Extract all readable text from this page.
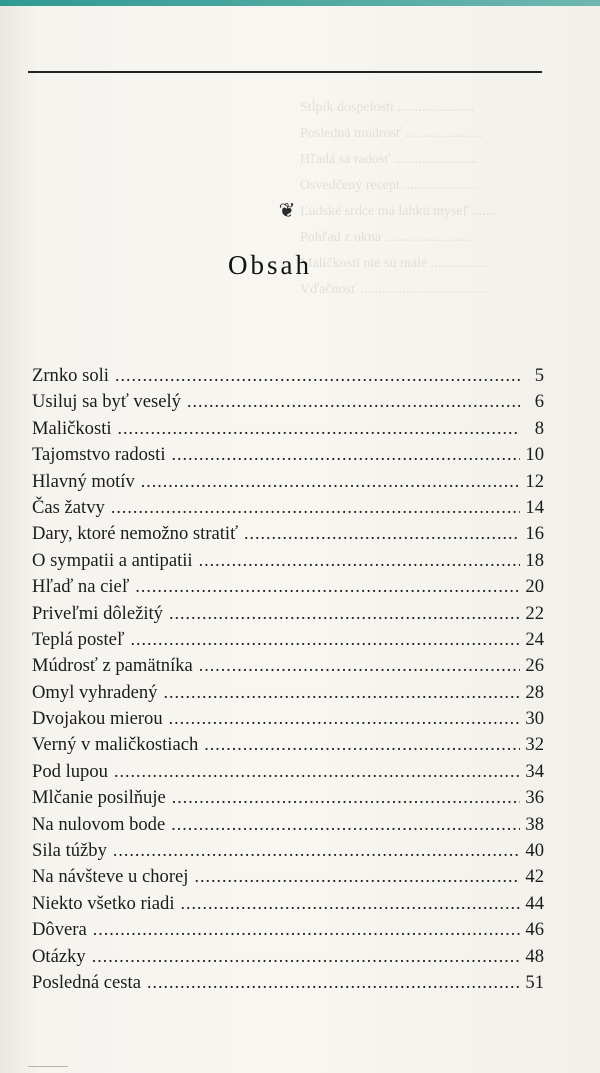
Stĺpik dospelosti ......................
Posledná múdrosť ......................
Hľadá sa radosť ........................
Osvedčený recept .....................
Ľudské srdce má lahkú myseľ .......
Pohľad z okna ..........................
Maličkosti nie sú malé ................
Vďačnosť ....................................
❦
Obsah
Zrnko soli .....	5
Usiluj sa byť veselý .....	6
Maličkosti .....	8
Tajomstvo radosti .....	10
Hlavný motív .....	12
Čas žatvy .....	14
Dary, ktoré nemožno stratiť .....	16
O sympatii a antipatii .....	18
Hľaď na cieľ .....	20
Priveľmi dôležitý .....	22
Teplá posteľ .....	24
Múdrosť z pamätníka .....	26
Omyl vyhradený .....	28
Dvojakou mierou .....	30
Verný v maličkostiach .....	32
Pod lupou .....	34
Mlčanie posilňuje .....	36
Na nulovom bode .....	38
Sila túžby .....	40
Na návšteve u chorej .....	42
Niekto všetko riadi .....	44
Dôvera .....	46
Otázky .....	48
Posledná cesta .....	51
